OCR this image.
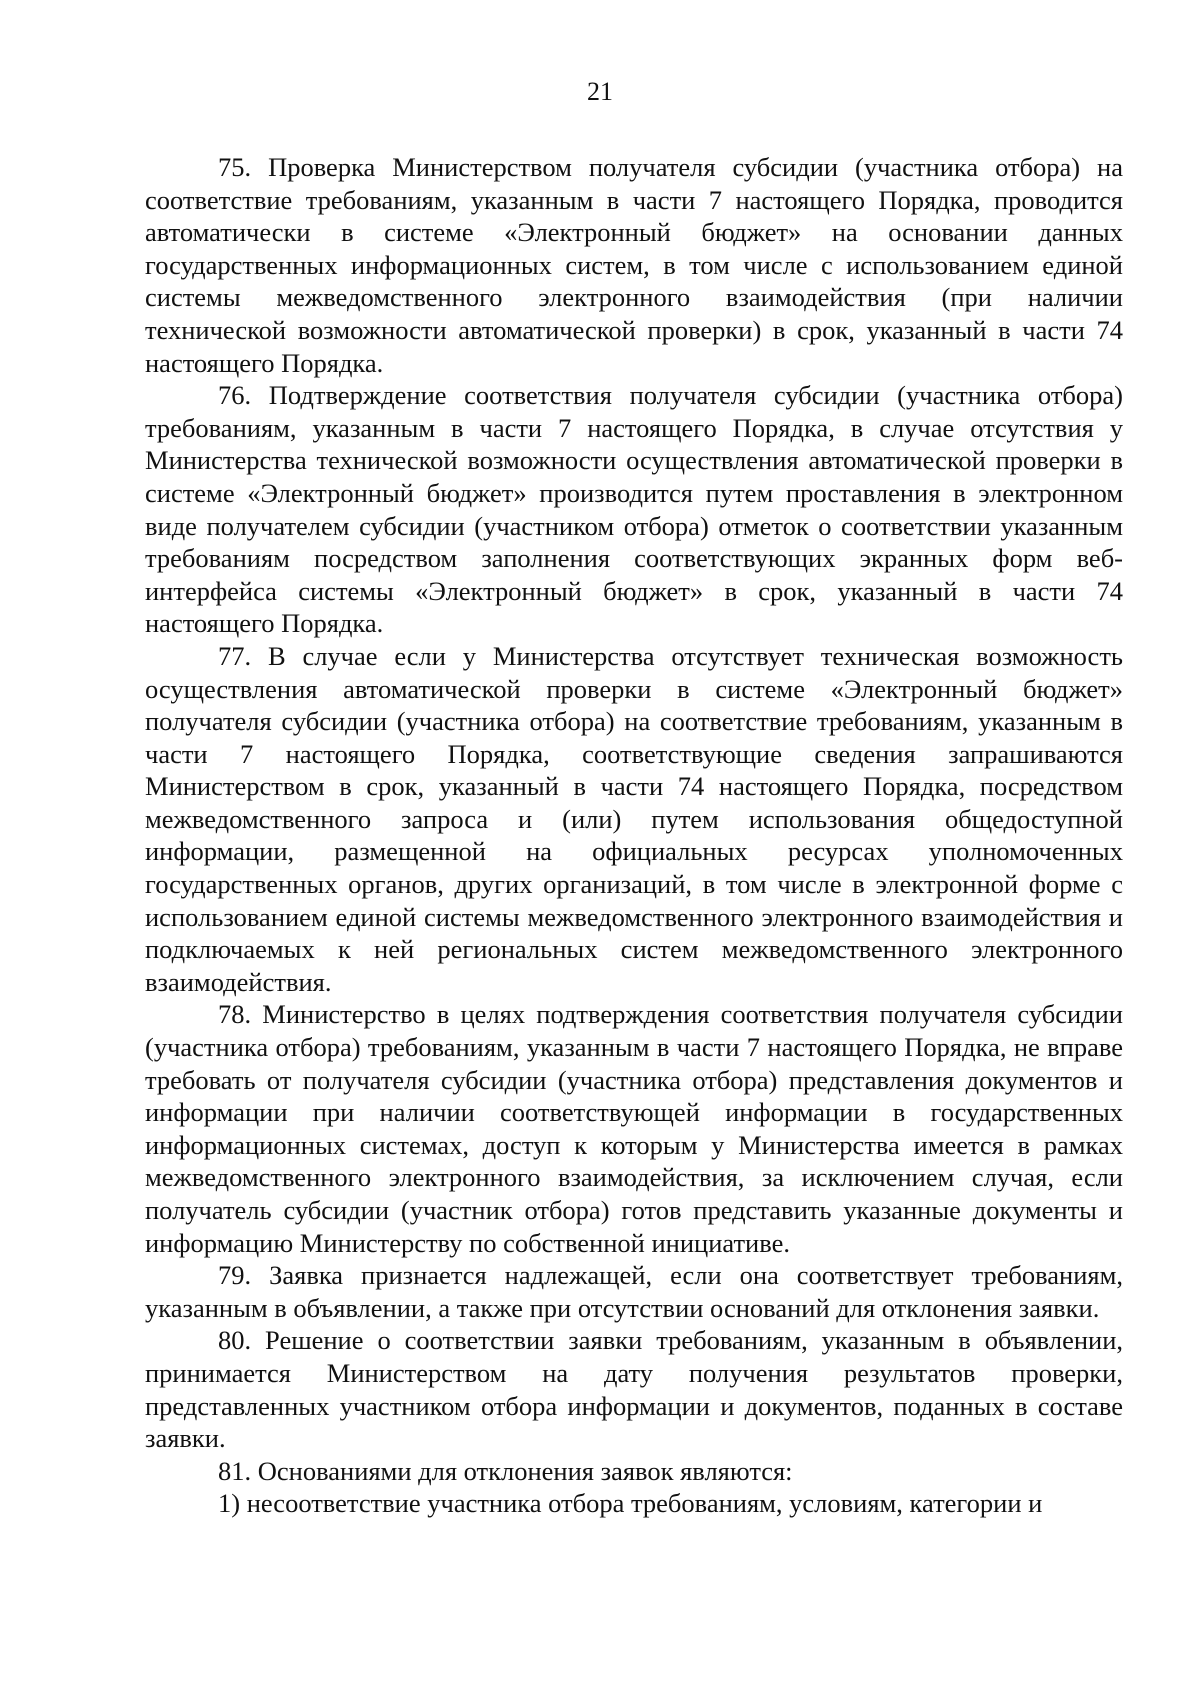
21

75. Проверка Министерством получателя субсидии (участника отбора) на соответствие требованиям, указанным в части 7 настоящего Порядка, проводится автоматически в системе «Электронный бюджет» на основании данных государственных информационных систем, в том числе с использованием единой системы межведомственного электронного взаимодействия (при наличии технической возможности автоматической проверки) в срок, указанный в части 74 настоящего Порядка.

76. Подтверждение соответствия получателя субсидии (участника отбора) требованиям, указанным в части 7 настоящего Порядка, в случае отсутствия у Министерства технической возможности осуществления автоматической проверки в системе «Электронный бюджет» производится путем проставления в электронном виде получателем субсидии (участником отбора) отметок о соответствии указанным требованиям посредством заполнения соответствующих экранных форм веб-интерфейса системы «Электронный бюджет» в срок, указанный в части 74 настоящего Порядка.

77. В случае если у Министерства отсутствует техническая возможность осуществления автоматической проверки в системе «Электронный бюджет» получателя субсидии (участника отбора) на соответствие требованиям, указанным в части 7 настоящего Порядка, соответствующие сведения запрашиваются Министерством в срок, указанный в части 74 настоящего Порядка, посредством межведомственного запроса и (или) путем использования общедоступной информации, размещенной на официальных ресурсах уполномоченных государственных органов, других организаций, в том числе в электронной форме с использованием единой системы межведомственного электронного взаимодействия и подключаемых к ней региональных систем межведомственного электронного взаимодействия.

78. Министерство в целях подтверждения соответствия получателя субсидии (участника отбора) требованиям, указанным в части 7 настоящего Порядка, не вправе требовать от получателя субсидии (участника отбора) представления документов и информации при наличии соответствующей информации в государственных информационных системах, доступ к которым у Министерства имеется в рамках межведомственного электронного взаимодействия, за исключением случая, если получатель субсидии (участник отбора) готов представить указанные документы и информацию Министерству по собственной инициативе.

79. Заявка признается надлежащей, если она соответствует требованиям, указанным в объявлении, а также при отсутствии оснований для отклонения заявки.

80. Решение о соответствии заявки требованиям, указанным в объявлении, принимается Министерством на дату получения результатов проверки, представленных участником отбора информации и документов, поданных в составе заявки.

81. Основаниями для отклонения заявок являются:

1) несоответствие участника отбора требованиям, условиям, категории и
